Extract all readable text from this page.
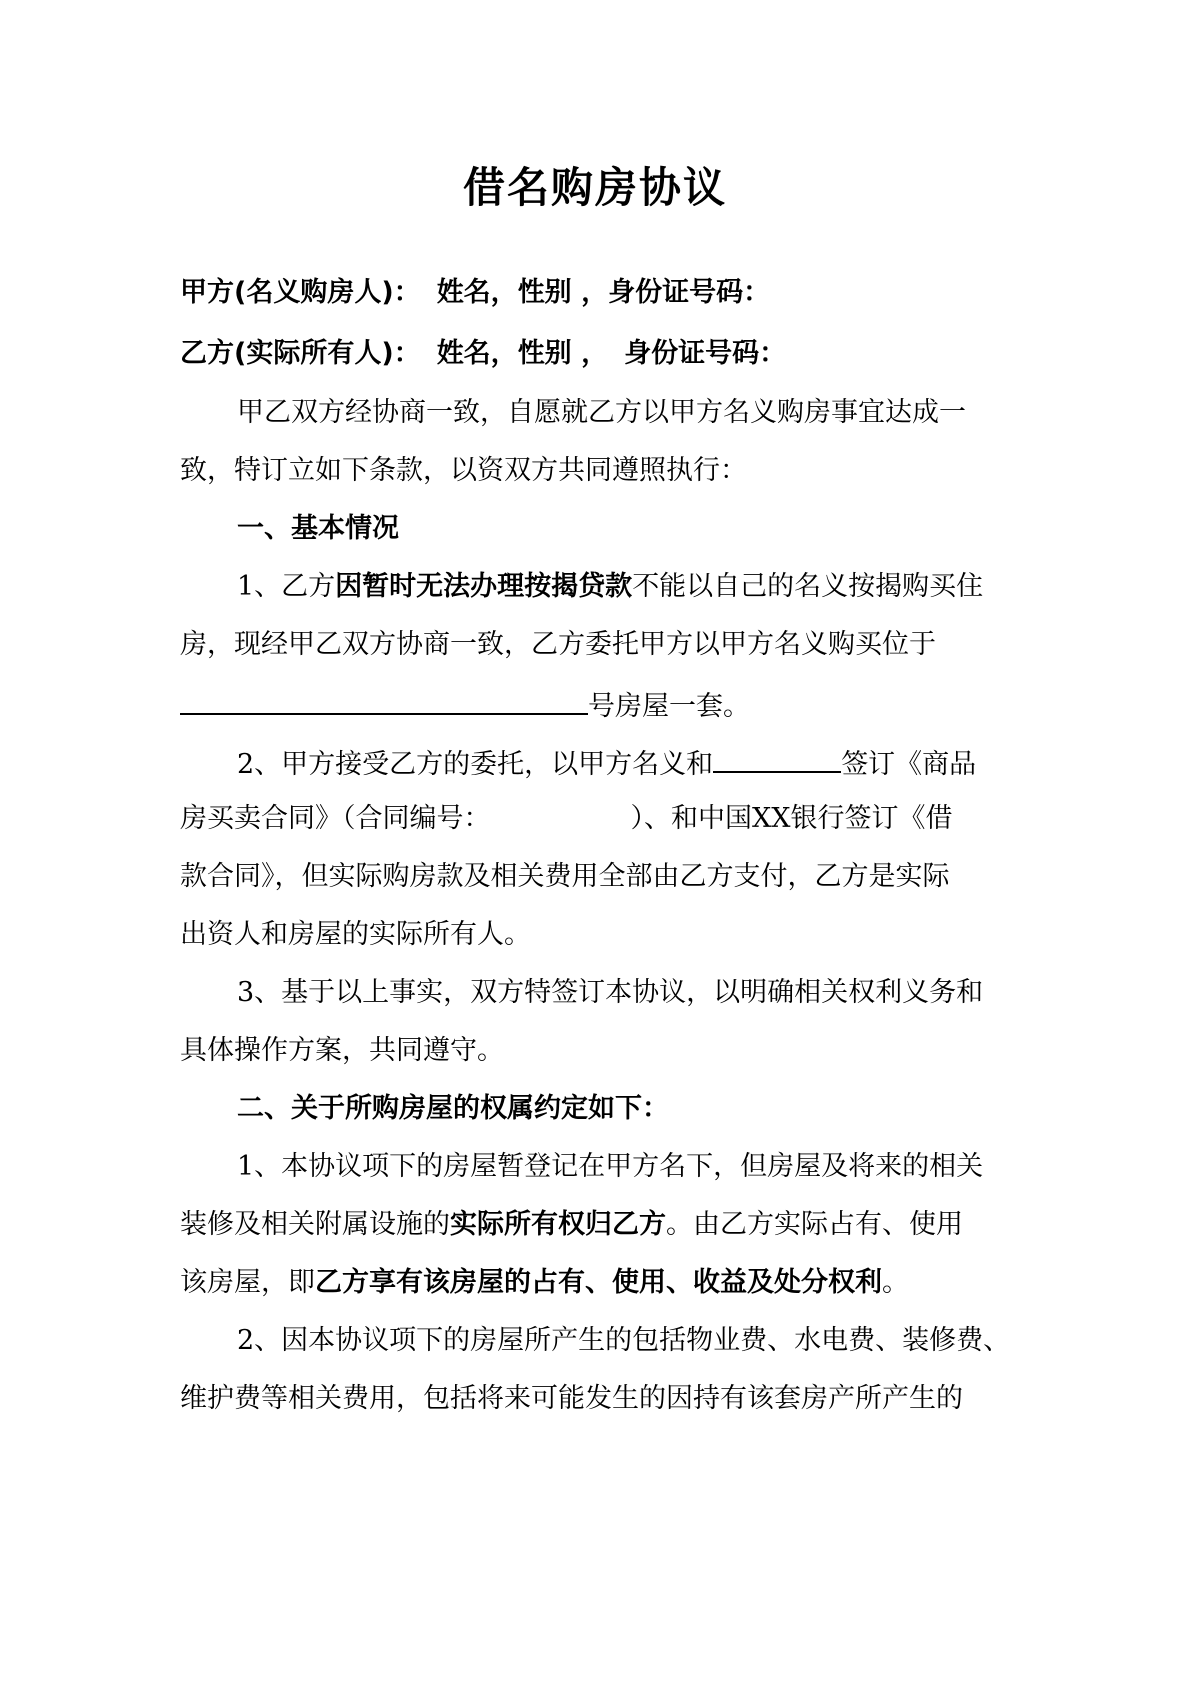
借名购房协议
甲方(名义购房人)： 姓名，性别 ，身份证号码：
乙方(实际所有人)： 姓名，性别 ， 身份证号码：
甲乙双方经协商一致，自愿就乙方以甲方名义购房事宜达成一
致，特订立如下条款，以资双方共同遵照执行：
一、基本情况
1、乙方因暂时无法办理按揭贷款不能以自己的名义按揭购买住
房，现经甲乙双方协商一致，乙方委托甲方以甲方名义购买位于
号房屋一套。
2、甲方接受乙方的委托，以甲方名义和	签订《商品
房买卖合同》（合同编号：	）、和中国XX银行签订《借
款合同》，但实际购房款及相关费用全部由乙方支付，乙方是实际
出资人和房屋的实际所有人。
3、基于以上事实，双方特签订本协议，以明确相关权利义务和
具体操作方案，共同遵守。
二、关于所购房屋的权属约定如下：
1、本协议项下的房屋暂登记在甲方名下，但房屋及将来的相关
装修及相关附属设施的实际所有权归乙方。由乙方实际占有、使用
该房屋，即乙方享有该房屋的占有、使用、收益及处分权利。
2、因本协议项下的房屋所产生的包括物业费、水电费、装修费、
维护费等相关费用，包括将来可能发生的因持有该套房产所产生的
